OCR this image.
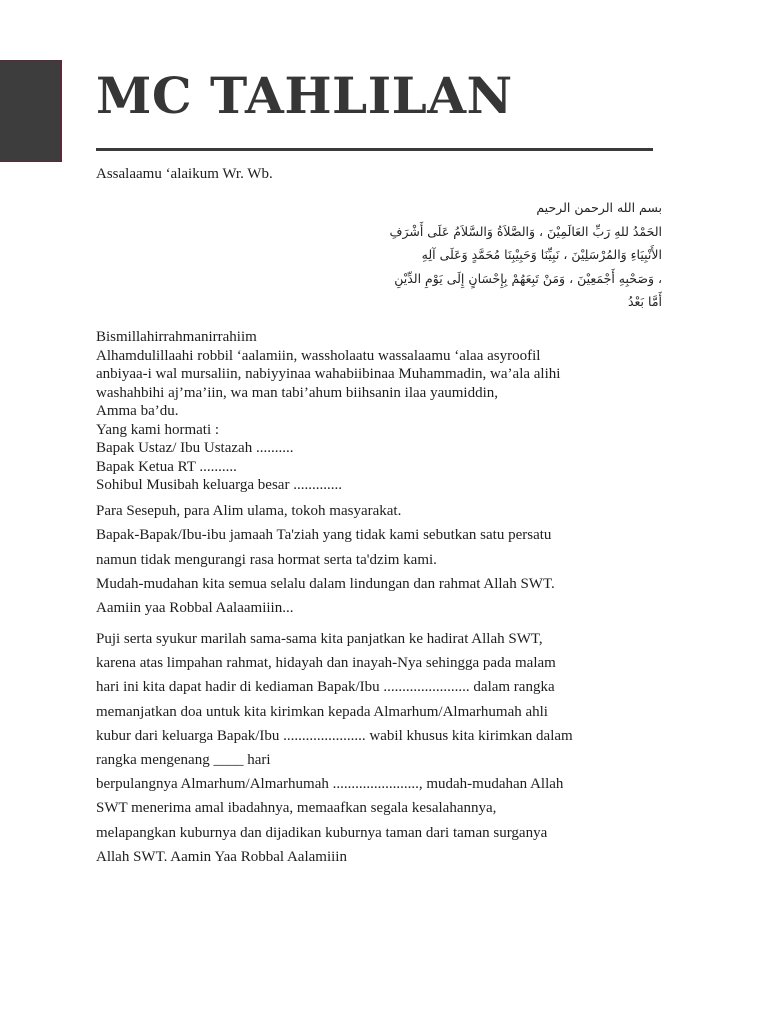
MC TAHLILAN
Assalaamu ‘alaikum Wr. Wb.
بسم الله الرحمن الرحيم
الحَمْدُ للهِ رَبِّ العَالَمِيْنَ ، وَالصَّلاَةُ وَالسَّلاَمُ عَلَى أَشْرَفِ
الأَنْبِيَاءِ وَالمُرْسَلِيْنَ ، نَبِيِّنَا وَحَبِيْبِنَا مُحَمَّدٍ وَعَلَى آلِهِ
، وَصَحْبِهِ أَجْمَعِيْنَ ، وَمَنْ تَبِعَهُمْ بِإِحْسَانٍ إِلَى يَوْمِ الدِّيْنِ
أَمَّا بَعْدُ
Bismillahirrahmanirrahiim
Alhamdulillaahi robbil ‘aalamiin, wassholaatu wassalaamu ‘alaa asyroofil
anbiyaa-i wal mursaliin, nabiyyinaa wahabiibinaa Muhammadin, wa’ala alihi
washahbihi aj’ma’iin, wa man tabi’ahum biihsanin ilaa yaumiddin,
Amma ba’du.
Yang kami hormati :
Bapak Ustaz/ Ibu Ustazah ..........
Bapak Ketua RT ..........
Sohibul Musibah keluarga besar .............
Para Sesepuh, para Alim ulama, tokoh masyarakat.
Bapak-Bapak/Ibu-ibu jamaah Ta'ziah yang tidak kami sebutkan satu persatu
namun tidak mengurangi rasa hormat serta ta'dzim kami.
Mudah-mudahan kita semua selalu dalam lindungan dan rahmat Allah SWT.
Aamiin yaa Robbal Aalaamiiin...
Puji serta syukur marilah sama-sama kita panjatkan ke hadirat Allah SWT,
karena atas limpahan rahmat, hidayah dan inayah-Nya sehingga pada malam
hari ini kita dapat hadir di kediaman Bapak/Ibu ....................... dalam rangka
memanjatkan doa untuk kita kirimkan kepada Almarhum/Almarhumah ahli
kubur dari keluarga Bapak/Ibu ...................... wabil khusus kita kirimkan dalam
rangka mengenang ____ hari
berpulangnya Almarhum/Almarhumah ......................., mudah-mudahan Allah
SWT menerima amal ibadahnya, memaafkan segala kesalahannya,
melapangkan kuburnya dan dijadikan kuburnya taman dari taman surganya
Allah SWT. Aamin Yaa Robbal Aalamiiin
